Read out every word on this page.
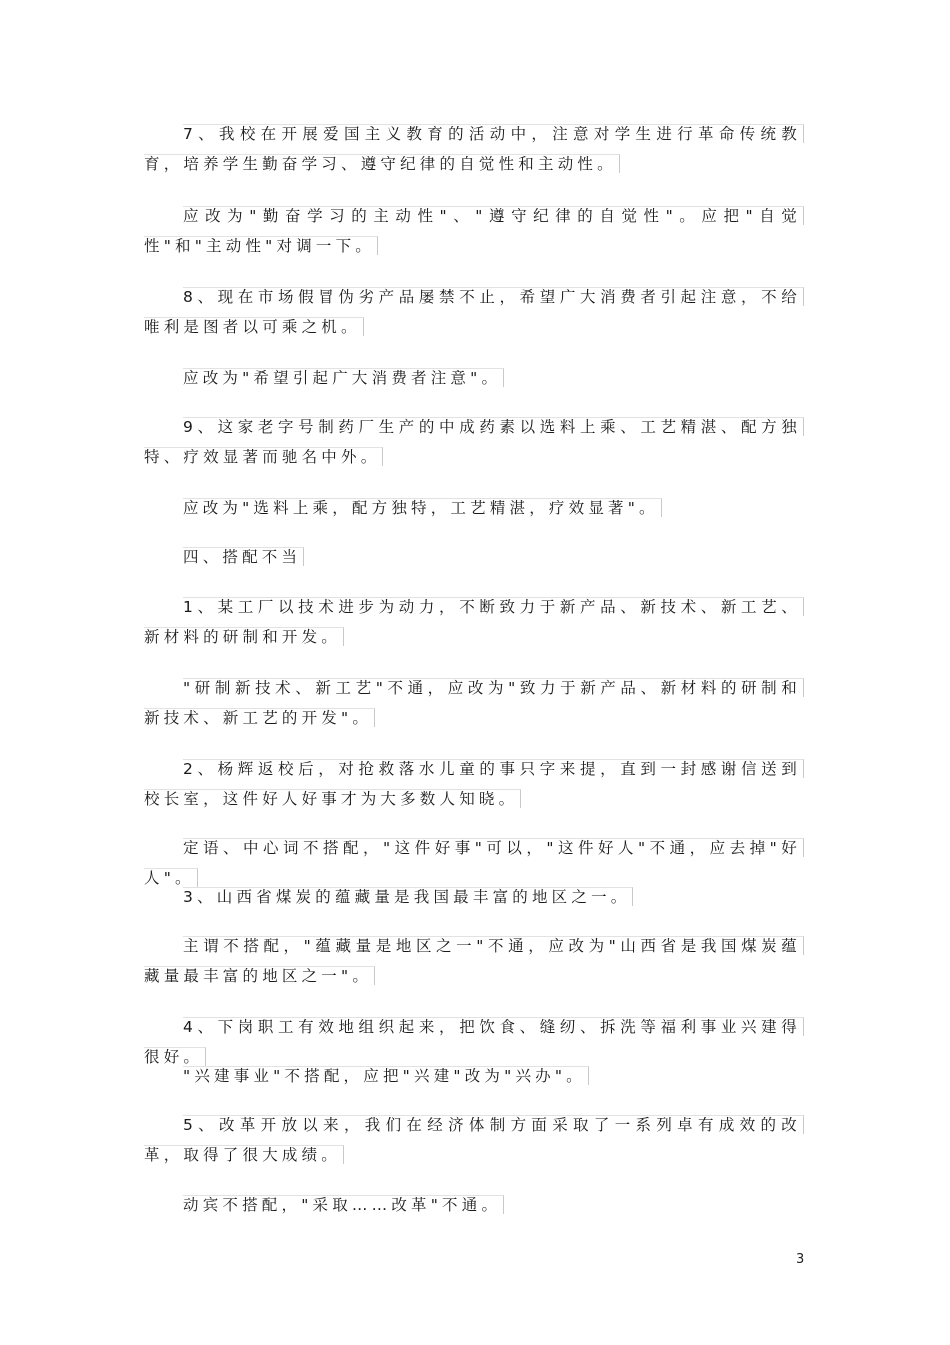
7、我校在开展爱国主义教育的活动中，注意对学生进行革命传统教育，培养学生勤奋学习、遵守纪律的自觉性和主动性。

应改为"勤奋学习的主动性"、"遵守纪律的自觉性"。应把"自觉性"和"主动性"对调一下。

8、现在市场假冒伪劣产品屡禁不止，希望广大消费者引起注意，不给唯利是图者以可乘之机。

应改为"希望引起广大消费者注意"。

9、这家老字号制药厂生产的中成药素以选料上乘、工艺精湛、配方独特、疗效显著而驰名中外。

应改为"选料上乘，配方独特，工艺精湛，疗效显著"。

四、搭配不当

1、某工厂以技术进步为动力，不断致力于新产品、新技术、新工艺、新材料的研制和开发。

"研制新技术、新工艺"不通，应改为"致力于新产品、新材料的研制和新技术、新工艺的开发"。

2、杨辉返校后，对抢救落水儿童的事只字来提，直到一封感谢信送到校长室，这件好人好事才为大多数人知晓。

定语、中心词不搭配，"这件好事"可以，"这件好人"不通，应去掉"好人"。

3、山西省煤炭的蕴藏量是我国最丰富的地区之一。

主谓不搭配，"蕴藏量是地区之一"不通，应改为"山西省是我国煤炭蕴藏量最丰富的地区之一"。

4、下岗职工有效地组织起来，把饮食、缝纫、拆洗等福利事业兴建得很好。

"兴建事业"不搭配，应把"兴建"改为"兴办"。

5、改革开放以来，我们在经济体制方面采取了一系列卓有成效的改革，取得了很大成绩。

动宾不搭配，"采取……改革"不通。

3
